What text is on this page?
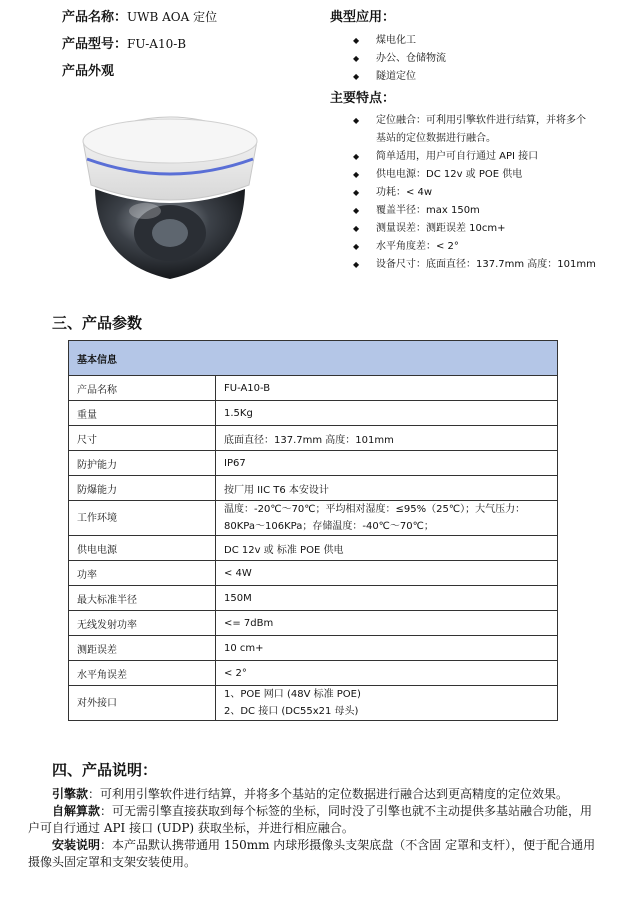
产品名称：UWB AOA 定位
产品型号：FU-A10-B
产品外观
典型应用：
◆ 煤电化工
◆ 办公、仓储物流
◆ 隧道定位
主要特点：
◆ 定位融合：可利用引擎软件进行结算，并将多个
基站的定位数据进行融合。
◆ 简单适用，用户可自行通过 API 接口
◆ 供电电源：DC 12v 或 POE 供电
◆ 功耗：< 4w
◆ 覆盖半径：max 150m
◆ 测量误差：测距误差 10cm+
◆ 水平角度差：< 2°
◆ 设备尺寸：底面直径：137.7mm 高度：101mm
三、产品参数
基本信息	
产品名称	FU-A10-B
重量	1.5Kg
尺寸	底面直径：137.7mm 高度：101mm
防护能力	IP67
防爆能力	按厂用 IIC T6 本安设计
工作环境	温度：-20℃～70℃；平均相对湿度：≤95%（25℃）；大气压力：80KPa～106KPa；存储温度：-40℃～70℃；
供电电源	DC 12v 或 标准 POE 供电
功率	< 4W
最大标准半径	150M
无线发射功率	<= 7dBm
测距误差	10 cm+
水平角误差	< 2°
对外接口	1、POE 网口 (48V 标准 POE)
2、DC 接口 (DC55x21 母头)
四、产品说明：

引擎款：可利用引擎软件进行结算，并将多个基站的定位数据进行融合达到更高精度的定位效果。

自解算款：可无需引擎直接获取到每个标签的坐标，同时没了引擎也就不主动提供多基站融合功能，用户可自行通过 API 接口 (UDP) 获取坐标，并进行相应融合。

安装说明：本产品默认携带通用 150mm 内球形摄像头支架底盘（不含固 定罩和支杆），便于配合通用摄像头固定罩和支架安装使用。
